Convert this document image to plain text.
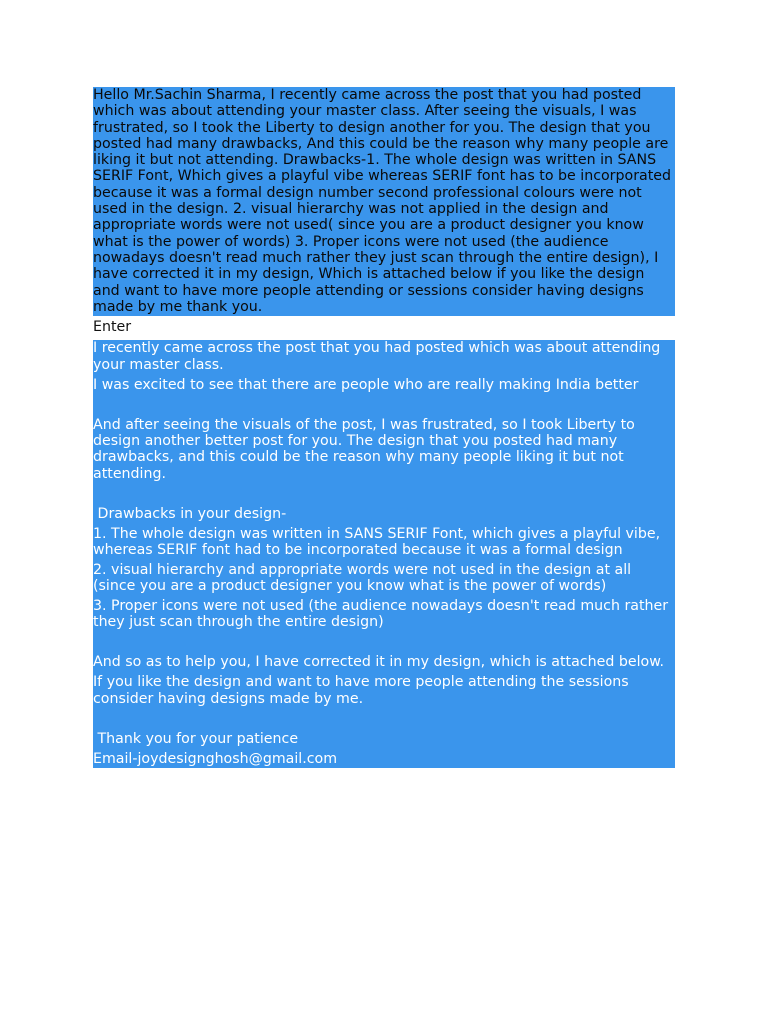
Hello Mr.Sachin Sharma, I recently came across the post that you had posted which was about attending your master class. After seeing the visuals, I was frustrated, so I took the Liberty to design another for you. The design that you posted had many drawbacks, And this could be the reason why many people are liking it but not attending. Drawbacks-1. The whole design was written in SANS SERIF Font, Which gives a playful vibe whereas SERIF font has to be incorporated because it was a formal design number second professional colours were not used in the design. 2. visual hierarchy was not applied in the design and appropriate words were not used( since you are a product designer you know what is the power of words) 3. Proper icons were not used (the audience nowadays doesn't read much rather they just scan through the entire design), I have corrected it in my design, Which is attached below if you like the design and want to have more people attending or sessions consider having designs made by me thank you.

Enter

I recently came across the post that you had posted which was about attending your master class.

I was excited to see that there are people who are really making India better

And after seeing the visuals of the post, I was frustrated, so I took Liberty to design another better post for you. The design that you posted had many drawbacks, and this could be the reason why many people liking it but not attending.

Drawbacks in your design-

1. The whole design was written in SANS SERIF Font, which gives a playful vibe, whereas SERIF font had to be incorporated because it was a formal design

2. visual hierarchy and appropriate words were not used in the design at all (since you are a product designer you know what is the power of words)

3. Proper icons were not used (the audience nowadays doesn't read much rather they just scan through the entire design)

And so as to help you, I have corrected it in my design, which is attached below.

If you like the design and want to have more people attending the sessions consider having designs made by me.

Thank you for your patience

Email-joydesignghosh@gmail.com
